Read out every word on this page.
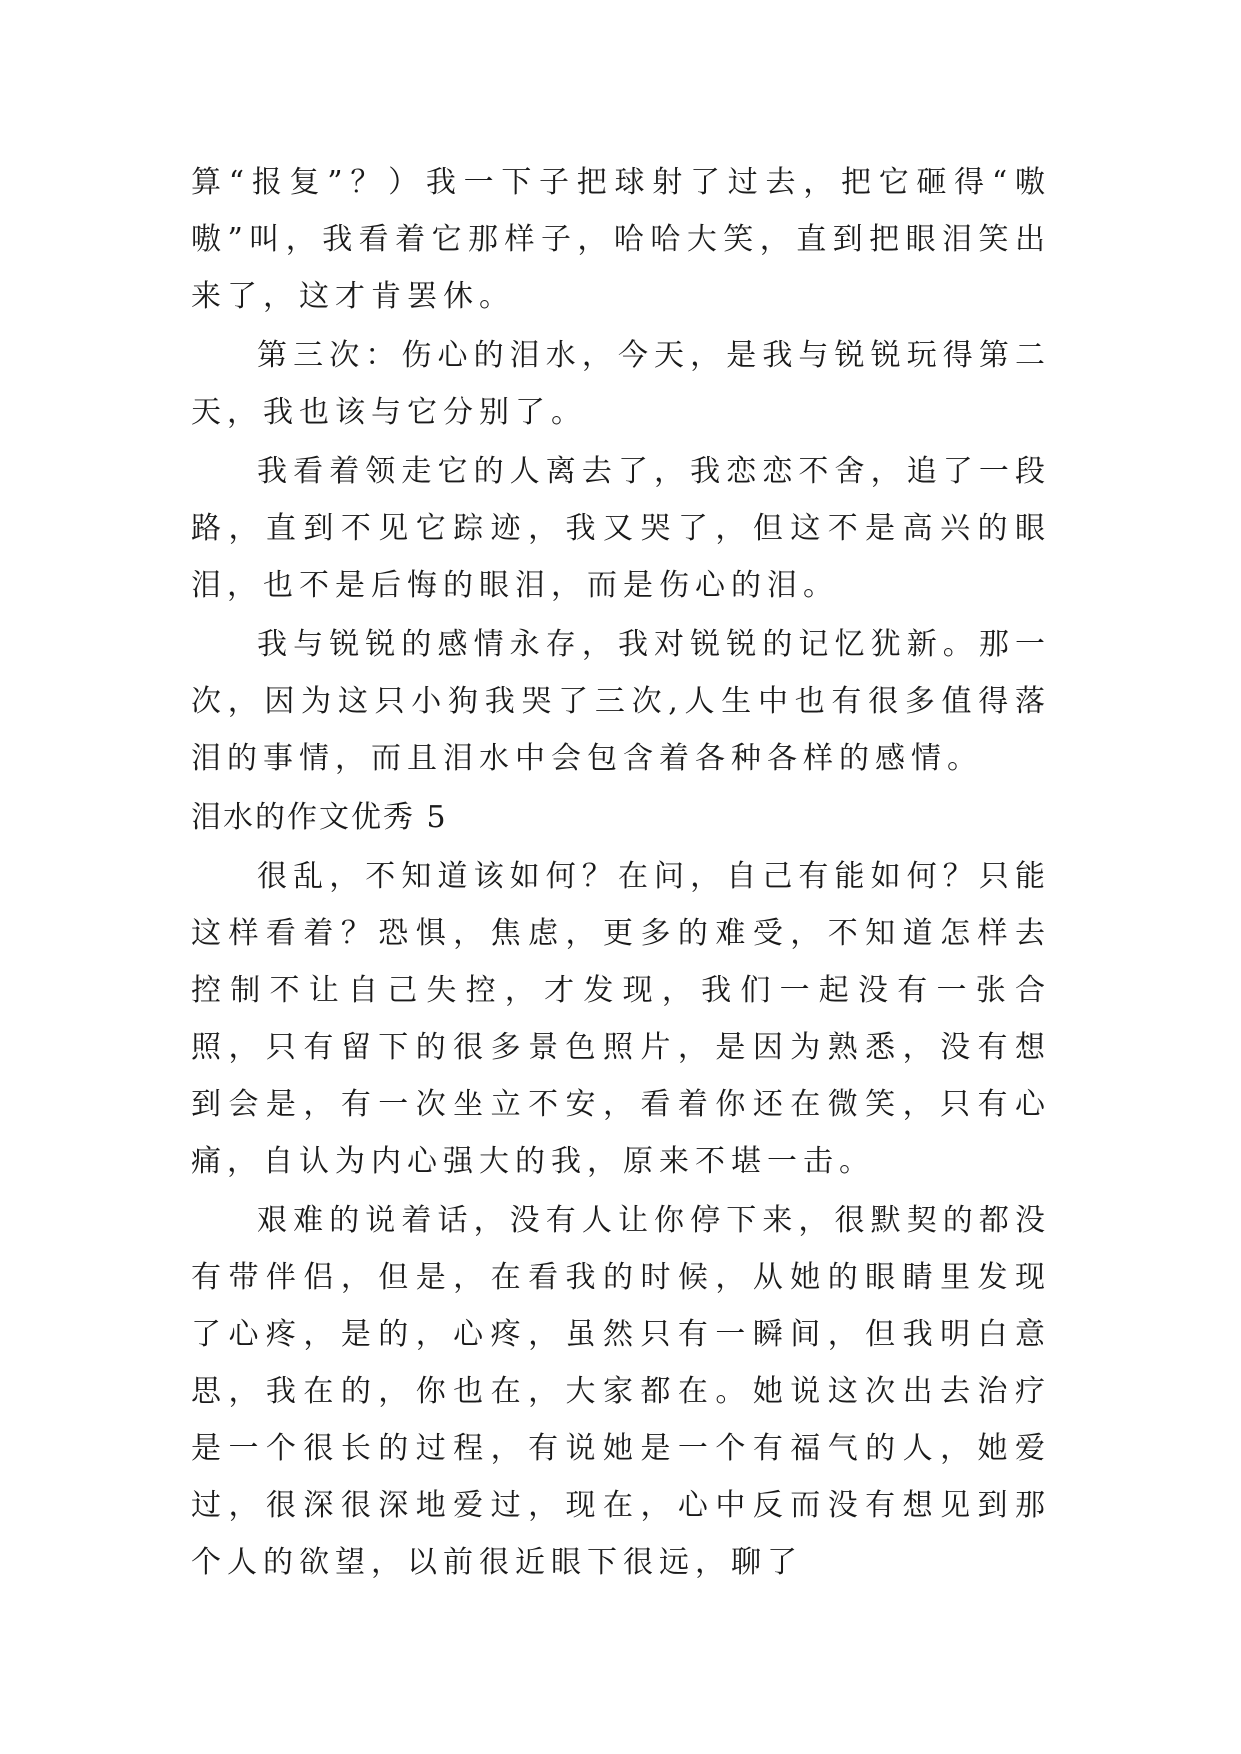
算“报复”？）我一下子把球射了过去，把它砸得“嗷嗷”叫，我看着它那样子，哈哈大笑，直到把眼泪笑出来了，这才肯罢休。

第三次：伤心的泪水，今天，是我与锐锐玩得第二天，我也该与它分别了。

我看着领走它的人离去了，我恋恋不舍，追了一段路，直到不见它踪迹，我又哭了，但这不是高兴的眼泪，也不是后悔的眼泪，而是伤心的泪。

我与锐锐的感情永存，我对锐锐的记忆犹新。那一次，因为这只小狗我哭了三次,人生中也有很多值得落泪的事情，而且泪水中会包含着各种各样的感情。

泪水的作文优秀 5

很乱，不知道该如何？在问，自己有能如何？只能这样看着？恐惧，焦虑，更多的难受，不知道怎样去控制不让自己失控，才发现，我们一起没有一张合照，只有留下的很多景色照片，是因为熟悉，没有想到会是，有一次坐立不安，看着你还在微笑，只有心痛，自认为内心强大的我，原来不堪一击。

艰难的说着话，没有人让你停下来，很默契的都没有带伴侣，但是，在看我的时候，从她的眼睛里发现了心疼，是的，心疼，虽然只有一瞬间，但我明白意思，我在的，你也在，大家都在。她说这次出去治疗是一个很长的过程，有说她是一个有福气的人，她爱过，很深很深地爱过，现在，心中反而没有想见到那个人的欲望，以前很近眼下很远，聊了
